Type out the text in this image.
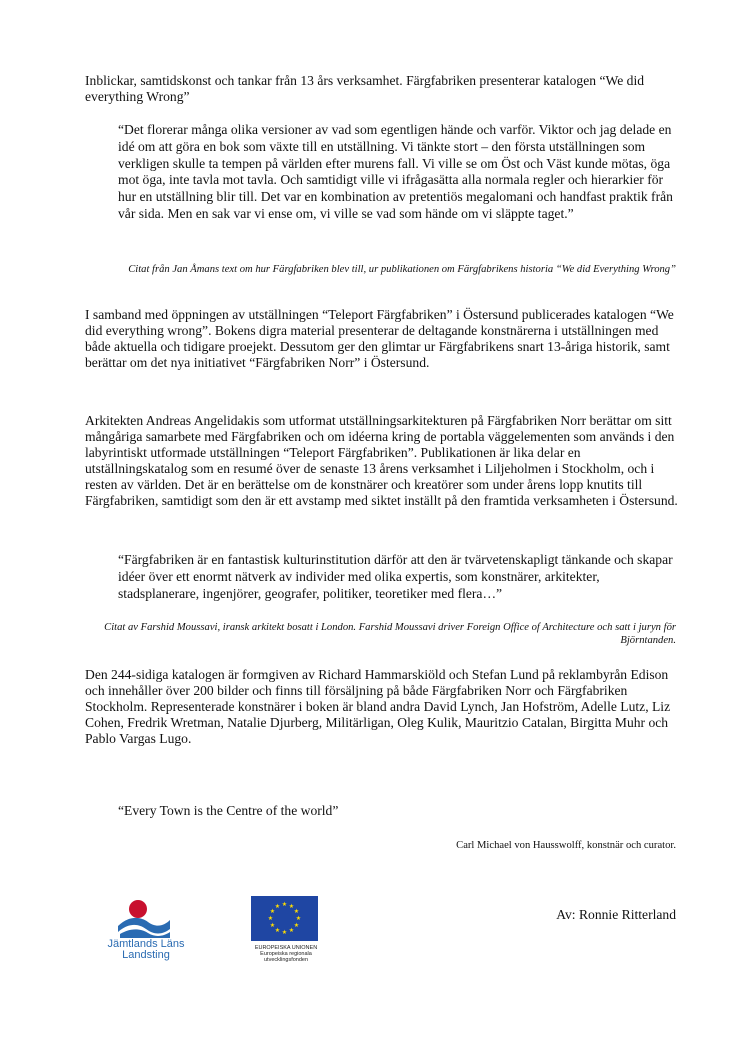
Inblickar, samtidskonst och tankar från 13 års verksamhet. Färgfabriken presenterar katalogen “We did everything Wrong”

“Det florerar många olika versioner av vad som egentligen hände och varför. Viktor och jag delade en idé om att göra en bok som växte till en utställning. Vi tänkte stort – den första utställningen som verkligen skulle ta tempen på världen efter murens fall. Vi ville se om Öst och Väst kunde mötas, öga mot öga, inte tavla mot tavla. Och samtidigt ville vi ifrågasätta alla normala regler och hierarkier för hur en utställning blir till. Det var en kombination av pretentiös megalomani och handfast praktik från vår sida. Men en sak var vi ense om, vi ville se vad som hände om vi släppte taget.”

Citat från Jan Åmans text om hur Färgfabriken blev till, ur publikationen om Färgfabrikens historia “We did Everything Wrong”

I samband med öppningen av utställningen “Teleport Färgfabriken” i Östersund publicerades katalogen “We did everything wrong”. Bokens digra material presenterar de deltagande konstnärerna i utställningen med både aktuella och tidigare proejekt. Dessutom ger den glimtar ur Färgfabrikens snart 13-åriga historik, samt berättar om det nya initiativet “Färgfabriken Norr” i Östersund.

Arkitekten Andreas Angelidakis som utformat utställningsarkitekturen på Färgfabriken Norr berättar om sitt mångåriga samarbete med Färgfabriken och om idéerna kring de portabla väggelementen som används i den labyrintiskt utformade utställningen “Teleport Färgfabriken”. Publikationen är lika delar en utställningskatalog som en resumé över de senaste 13 årens verksamhet i Liljeholmen i Stockholm, och i resten av världen. Det är en berättelse om de konstnärer och kreatörer som under årens lopp knutits till Färgfabriken, samtidigt som den är ett avstamp med siktet inställt på den framtida verksamheten i Östersund.

“Färgfabriken är en fantastisk kulturinstitution därför att den är tvärvetenskapligt tänkande och skapar idéer över ett enormt nätverk av individer med olika expertis, som konstnärer, arkitekter, stadsplanerare, ingenjörer, geografer, politiker, teoretiker med flera…”

Citat av Farshid Moussavi, iransk arkitekt bosatt i London. Farshid Moussavi driver Foreign Office of Architecture och satt i juryn för Björntanden.

Den 244-sidiga katalogen är formgiven av Richard Hammarskiöld och Stefan Lund på reklambyrån Edison och innehåller över 200 bilder och finns till försäljning på både Färgfabriken Norr och Färgfabriken Stockholm. Representerade konstnärer i boken är bland andra David Lynch, Jan Hofström, Adelle Lutz, Liz Cohen, Fredrik Wretman, Natalie Djurberg, Militärligan, Oleg Kulik, Mauritzio Catalan, Birgitta Muhr och Pablo Vargas Lugo.

“Every Town is the Centre of the world”

Carl Michael von Hausswolff, konstnär och curator.

Av: Ronnie Ritterland

Jämtlands Läns Landsting
★ ★
★
★
★
★
★
★
★
★
★
★
EUROPEISKA UNIONEN
Europeiska regionala utvecklingsfonden
